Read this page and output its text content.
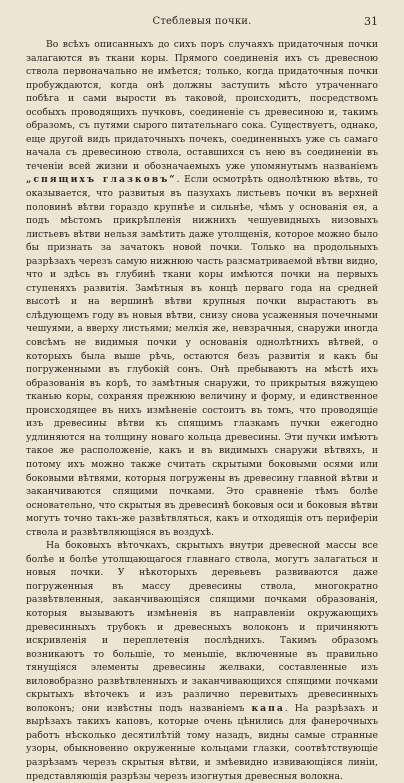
Стеблевыя почки.	31

Во всѣхъ описанныхъ до сихъ поръ случаяхъ придаточныя почки залагаются въ ткани коры. Прямого соединенія ихъ съ древесною ствола первоначально не имѣется; только, когда придаточныя почки пробуждаются, когда онѣ должны заступить мѣсто утраченнаго побѣга и сами вырости въ таковой, происходитъ, посредствомъ особыхъ проводящихъ пучковъ, соединеніе съ древесиною и, такимъ образомъ, съ путями сырого питательнаго сока. Существуетъ, однако, еще другой видъ придаточныхъ почекъ, соединенныхъ уже съ самаго начала съ древесиною ствола, оставшихся съ нею въ соединеніи въ теченіи всей жизни и обозначаемыхъ уже упомянутымъ названіемъ „спящихъ глазковъ“. Если осмотрѣть однолѣтнюю вѣтвь, то оказывается, что развитыя въ пазухахъ листьевъ почки въ верхней половинѣ вѣтви гораздо крупнѣе и сильнѣе, чѣмъ у основанія ея, а подъ мѣстомъ прикрѣпленія нижнихъ чешуевидныхъ низовыхъ листьевъ вѣтви нельзя замѣтить даже утолщенія, которое можно было бы признать за зачатокъ новой почки. Только на продольныхъ разрѣзахъ черезъ самую нижнюю часть разсматриваемой вѣтви видно, что и здѣсь въ глубинѣ ткани коры имѣются почки на первыхъ ступеняхъ развитія. Замѣтныя въ концѣ перваго года на средней высотѣ и на вершинѣ вѣтви крупныя почки вырастаютъ въ слѣдующемъ году въ новыя вѣтви, снизу снова усаженныя почечными чешуями, а вверху листьями; мелкія же, невзрачныя, снаружи иногда совсѣмъ не видимыя почки у основанія однолѣтнихъ вѣтвей, о которыхъ была выше рѣчь, остаются безъ развитія и какъ бы погруженными въ глубокій сонъ. Онѣ пребываютъ на мѣстѣ ихъ образованія въ корѣ, то замѣтныя снаружи, то прикрытыя вяжущею тканью коры, сохраняя прежнюю величину и форму, и единственное происходящее въ нихъ измѣненіе состоитъ въ томъ, что проводящіе изъ древесины вѣтви къ спящимъ глазкамъ пучки ежегодно удлиняются на толщину новаго кольца древесины. Эти пучки имѣютъ такое же расположеніе, какъ и въ видимыхъ снаружи вѣтвяхъ, и потому ихъ можно также считать скрытыми боковыми осями или боковыми вѣтвями, которыя погружены въ древесину главной вѣтви и заканчиваются спящими почками. Это сравненіе тѣмъ болѣе основательно, что скрытыя въ древесинѣ боковыя оси и боковыя вѣтви могутъ точно такъ-же развѣтвляться, какъ и отходящія отъ периферіи ствола и развѣтвляющіяся въ воздухѣ.

На боковыхъ вѣточкахъ, скрытыхъ внутри древесной массы все болѣе и болѣе утолщающагося главнаго ствола, могутъ залагаться и новыя почки. У нѣкоторыхъ деревьевъ развиваются даже погруженныя въ массу древесины ствола, многократно развѣтвленныя, заканчивающіяся спящими почками образованія, которыя вызываютъ измѣненія въ направленіи окружающихъ древесинныхъ трубокъ и древесныхъ волоконъ и причиняютъ искривленія и переплетенія послѣднихъ. Такимъ образомъ возникаютъ то большіе, то меньшіе, включенные въ правильно тянущіяся элементы древесины желваки, составленные изъ виловобразно развѣтвленныхъ и заканчивающихся спящими почками скрытыхъ вѣточекъ и изъ различно перевитыхъ древесинныхъ волоконъ; они извѣстны подъ названіемъ капа. На разрѣзахъ и вырѣзахъ такихъ каповъ, которые очень цѣнились для фанерочныхъ работъ нѣсколько десятилѣтій тому назадъ, видны самые странные узоры, обыкновенно окруженные кольцами глазки, соотвѣтствующіе разрѣзамъ черезъ скрытыя вѣтви, и змѣевидно извивающіяся линіи, представляющія разрѣзы черезъ изогнутыя древесныя волокна.
